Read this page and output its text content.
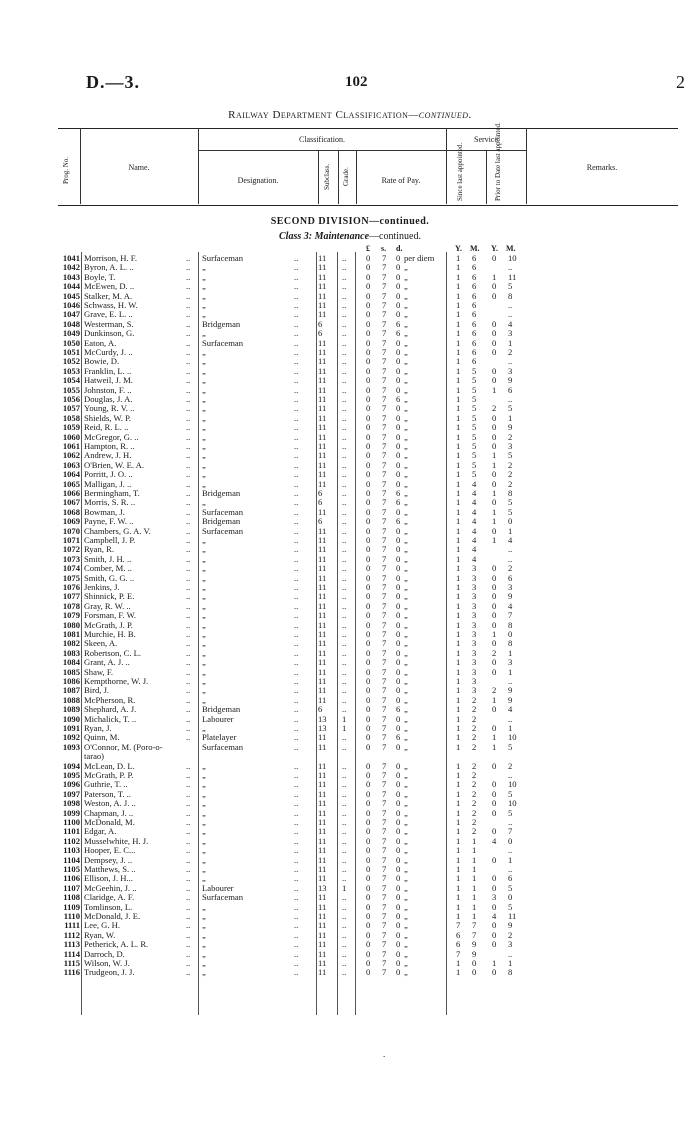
D.—3.	102	2
Railway Department Classification—continued.
Prog. No.	Name.
Classification.
Designation.	Subclass. Grade.	Rate of Pay.
Service
Since last appointed.	Prior to Date last appointed.	Remarks.
SECOND DIVISION—continued.
Class 3: Maintenance—continued.
£ s. d.	Y. M. Y. M.
1041 Morrison, H. F.	.. Surfaceman	.. 11 .. 0 7 0 per diem	1 6 0 10
1042 Byron, A. L. ..	.. „	.. 11 .. 0 7 0 „	1 6	..
1043 Boyle, T.	.. „	.. 11 .. 0 7 0 „	1 6 1 11
1044 McEwen, D. ..	.. „	.. 11 .. 0 7 0 „	1 6 0 5
1045 Stalker, M. A.	.. „	.. 11 .. 0 7 0 „	1 6 0 8
1046 Schwass, H. W.	.. „	.. 11 .. 0 7 0 „	1 6	..
1047 Grave, E. L. ..	.. „	.. 11 .. 0 7 0 „	1 6	..
1048 Westerman, S.	.. Bridgeman	.. 6 .. 0 7 6 „	1 6 0 4
1049 Dunkinson, G.	.. „	.. 6 .. 0 7 6 „	1 6 0 3
1050 Eaton, A.	.. Surfaceman	.. 11 .. 0 7 0 „	1 6 0 1
1051 McCurdy, J. ..	.. „	.. 11 .. 0 7 0 „	1 6 0 2
1052 Bowie, D.	.. „	.. 11 .. 0 7 0 „	1 6	..
1053 Franklin, L. ..	.. „	.. 11 .. 0 7 0 „	1 5 0 3
1054 Hatweil, J. M.	.. „	.. 11 .. 0 7 0 „	1 5 0 9
1055 Johnston, F. ..	.. „	.. 11 .. 0 7 0 „	1 5 1 6
1056 Douglas, J. A.	.. „	.. 11 .. 0 7 6 „	1 5	..
1057 Young, R. V. ..	.. „	.. 11 .. 0 7 0 „	1 5 2 5
1058 Shields, W. P.	.. „	.. 11 .. 0 7 0 „	1 5 0 1
1059 Reid, R. L. ..	.. „	.. 11 .. 0 7 0 „	1 5 0 9
1060 McGregor, G. ..	.. „	.. 11 .. 0 7 0 „	1 5 0 2
1061 Hampton, R. ..	.. „	.. 11 .. 0 7 0 „	1 5 0 3
1062 Andrew, J. H.	.. „	.. 11 .. 0 7 0 „	1 5 1 5
1063 O'Brien, W. E. A.	.. „	.. 11 .. 0 7 0 „	1 5 1 2
1064 Porritt, J. O. ..	.. „	.. 11 .. 0 7 0 „	1 5 0 2
1065 Malligan, J. ..	.. „	.. 11 .. 0 7 0 „	1 4 0 2
1066 Bermingham, T.	.. Bridgeman	.. 6 .. 0 7 6 „	1 4 1 8
1067 Morris, S. R. ..	.. „	.. 6 .. 0 7 6 „	1 4 0 5
1068 Bowman, J.	.. Surfaceman	.. 11 .. 0 7 0 „	1 4 1 5
1069 Payne, F. W. ..	.. Bridgeman	.. 6 .. 0 7 6 „	1 4 1 0
1070 Chambers, G. A. V.	.. Surfaceman	.. 11 .. 0 7 0 „	1 4 0 1
1071 Campbell, J. P.	.. „	.. 11 .. 0 7 0 „	1 4 1 4
1072 Ryan, R.	.. „	.. 11 .. 0 7 0 „	1 4	..
1073 Smith, J. H. ..	.. „	.. 11 .. 0 7 0 „	1 4	..
1074 Comber, M. ..	.. „	.. 11 .. 0 7 0 „	1 3 0 2
1075 Smith, G. G. ..	.. „	.. 11 .. 0 7 0 „	1 3 0 6
1076 Jenkins, J.	.. „	.. 11 .. 0 7 0 „	1 3 0 3
1077 Shinnick, P. E.	.. „	.. 11 .. 0 7 0 „	1 3 0 9
1078 Gray, R. W. ..	.. „	.. 11 .. 0 7 0 „	1 3 0 4
1079 Forsman, F. W.	.. „	.. 11 .. 0 7 0 „	1 3 0 7
1080 McGrath, J. P.	.. „	.. 11 .. 0 7 0 „	1 3 0 8
1081 Murchie, H. B.	.. „	.. 11 .. 0 7 0 „	1 3 1 0
1082 Skeen, A.	.. „	.. 11 .. 0 7 0 „	1 3 0 8
1083 Robertson, C. L.	.. „	.. 11 .. 0 7 0 „	1 3 2 1
1084 Grant, A. J. ..	.. „	.. 11 .. 0 7 0 „	1 3 0 3
1085 Shaw, F.	.. „	.. 11 .. 0 7 0 „	1 3 0 1
1086 Kempthorne, W. J.	.. „	.. 11 .. 0 7 0 „	1 3	..
1087 Bird, J.	.. „	.. 11 .. 0 7 0 „	1 3 2 9
1088 McPherson, R.	.. „	.. 11 .. 0 7 0 „	1 2 1 9
1089 Shephard, A. J.	.. Bridgeman	.. 6 .. 0 7 6 „	1 2 0 4
1090 Michalick, T. ..	.. Labourer	.. 13 1 0 7 0 „	1 2	..
1091 Ryan, J.	.. „	.. 13 1 0 7 0 „	1 2 0 1
1092 Quinn, M.	.. Platelayer	.. 11 .. 0 7 6 „	1 2 1 10
1093 O'Connor, M. (Poro-o-	Surfaceman	.. 11 .. 0 7 0 „	1 2 1 5
tarao)
1094 McLean, D. L.	.. „	.. 11 .. 0 7 0 „	1 2 0 2
1095 McGrath, P. P.	.. „	.. 11 .. 0 7 0 „	1 2	..
1096 Guthrie, T. ..	.. „	.. 11 .. 0 7 0 „	1 2 0 10
1097 Paterson, T. ..	.. „	.. 11 .. 0 7 0 „	1 2 0 5
1098 Weston, A. J. ..	.. „	.. 11 .. 0 7 0 „	1 2 0 10
1099 Chapman, J. ..	.. „	.. 11 .. 0 7 0 „	1 2 0 5
1100 McDonald, M.	.. „	.. 11 .. 0 7 0 „	1 2	..
1101 Edgar, A.	.. „	.. 11 .. 0 7 0 „	1 2 0 7
1102 Musselwhite, H. J.	.. „	.. 11 .. 0 7 0 „	1 1 4 0
1103 Hooper, E. C...	.. „	.. 11 .. 0 7 0 „	1 1	..
1104 Dempsey, J. ..	.. „	.. 11 .. 0 7 0 „	1 1 0 1
1105 Matthews, S. ..	.. „	.. 11 .. 0 7 0 „	1 1	..
1106 Ellison, J. H...	.. „	.. 11 .. 0 7 0 „	1 1 0 6
1107 McGeehin, J. ..	.. Labourer	.. 13 1 0 7 0 „	1 1 0 5
1108 Claridge, A. F.	.. Surfaceman	.. 11 .. 0 7 0 „	1 1 3 0
1109 Tomlinson, L.	.. „	.. 11 .. 0 7 0 „	1 1 0 5
1110 McDonald, J. E.	.. „	.. 11 .. 0 7 0 „	1 1 4 11
1111 Lee, G. H.	.. „	.. 11 .. 0 7 0 „	7 7 0 9
1112 Ryan, W.	.. „	.. 11 .. 0 7 0 „	6 7 0 2
1113 Petherick, A. L. R.	.. „	.. 11 .. 0 7 0 „	6 9 0 3
1114 Darroch, D.	.. „	.. 11 .. 0 7 0 „	7 9	..
1115 Wilson, W. J.	.. „	.. 11 .. 0 7 0 „	1 0 1 1
1116 Trudgeon, J. J.	.. „	.. 11 .. 0 7 0 „	1 0 0 8
.
